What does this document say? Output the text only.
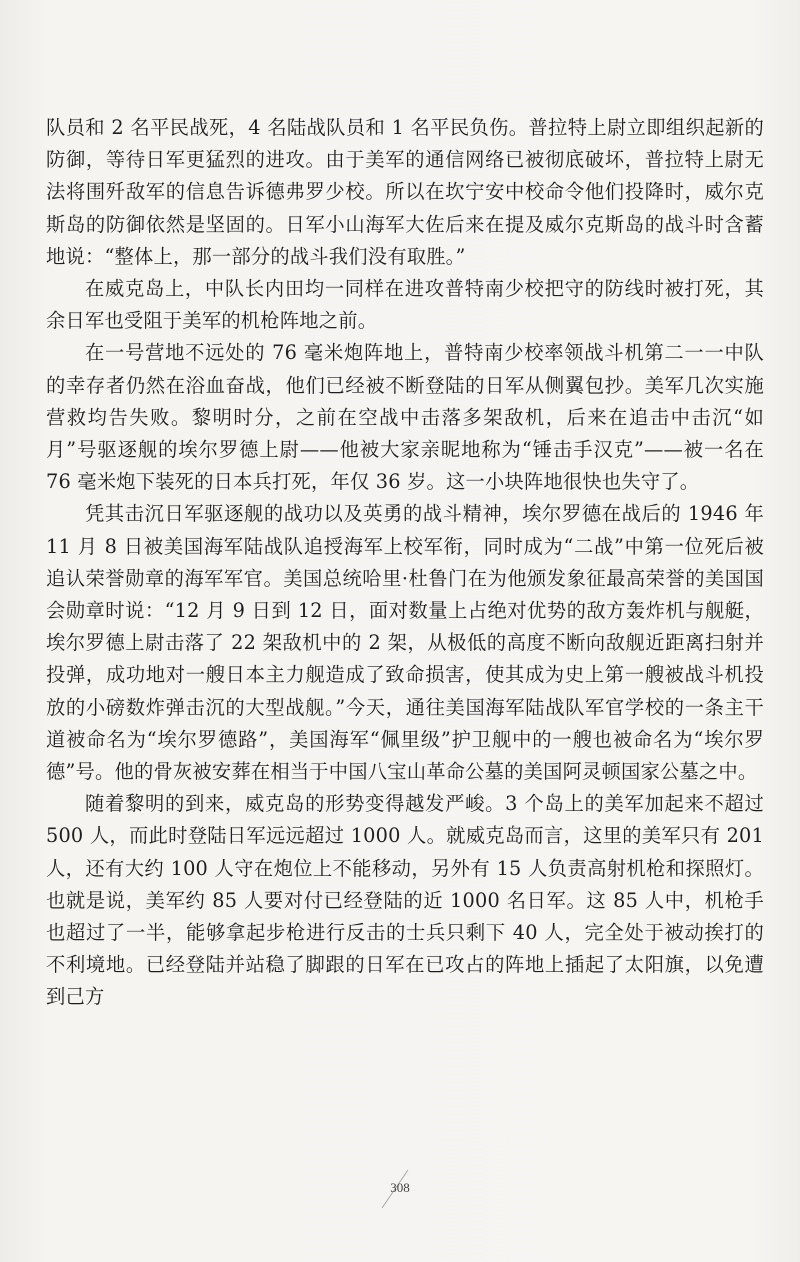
队员和 2 名平民战死，4 名陆战队员和 1 名平民负伤。普拉特上尉立即组织起新的防御，等待日军更猛烈的进攻。由于美军的通信网络已被彻底破坏，普拉特上尉无法将围歼敌军的信息告诉德弗罗少校。所以在坎宁安中校命令他们投降时，威尔克斯岛的防御依然是坚固的。日军小山海军大佐后来在提及威尔克斯岛的战斗时含蓄地说：“整体上，那一部分的战斗我们没有取胜。”

在威克岛上，中队长内田均一同样在进攻普特南少校把守的防线时被打死，其余日军也受阻于美军的机枪阵地之前。

在一号营地不远处的 76 毫米炮阵地上，普特南少校率领战斗机第二一一中队的幸存者仍然在浴血奋战，他们已经被不断登陆的日军从侧翼包抄。美军几次实施营救均告失败。黎明时分，之前在空战中击落多架敌机，后来在追击中击沉“如月”号驱逐舰的埃尔罗德上尉——他被大家亲昵地称为“锤击手汉克”——被一名在 76 毫米炮下装死的日本兵打死，年仅 36 岁。这一小块阵地很快也失守了。

凭其击沉日军驱逐舰的战功以及英勇的战斗精神，埃尔罗德在战后的 1946 年 11 月 8 日被美国海军陆战队追授海军上校军衔，同时成为“二战”中第一位死后被追认荣誉勋章的海军军官。美国总统哈里·杜鲁门在为他颁发象征最高荣誉的美国国会勋章时说：“12 月 9 日到 12 日，面对数量上占绝对优势的敌方轰炸机与舰艇，埃尔罗德上尉击落了 22 架敌机中的 2 架，从极低的高度不断向敌舰近距离扫射并投弹，成功地对一艘日本主力舰造成了致命损害，使其成为史上第一艘被战斗机投放的小磅数炸弹击沉的大型战舰。”今天，通往美国海军陆战队军官学校的一条主干道被命名为“埃尔罗德路”，美国海军“佩里级”护卫舰中的一艘也被命名为“埃尔罗德”号。他的骨灰被安葬在相当于中国八宝山革命公墓的美国阿灵顿国家公墓之中。

随着黎明的到来，威克岛的形势变得越发严峻。3 个岛上的美军加起来不超过 500 人，而此时登陆日军远远超过 1000 人。就威克岛而言，这里的美军只有 201 人，还有大约 100 人守在炮位上不能移动，另外有 15 人负责高射机枪和探照灯。也就是说，美军约 85 人要对付已经登陆的近 1000 名日军。这 85 人中，机枪手也超过了一半，能够拿起步枪进行反击的士兵只剩下 40 人，完全处于被动挨打的不利境地。已经登陆并站稳了脚跟的日军在已攻占的阵地上插起了太阳旗，以免遭到己方

308
